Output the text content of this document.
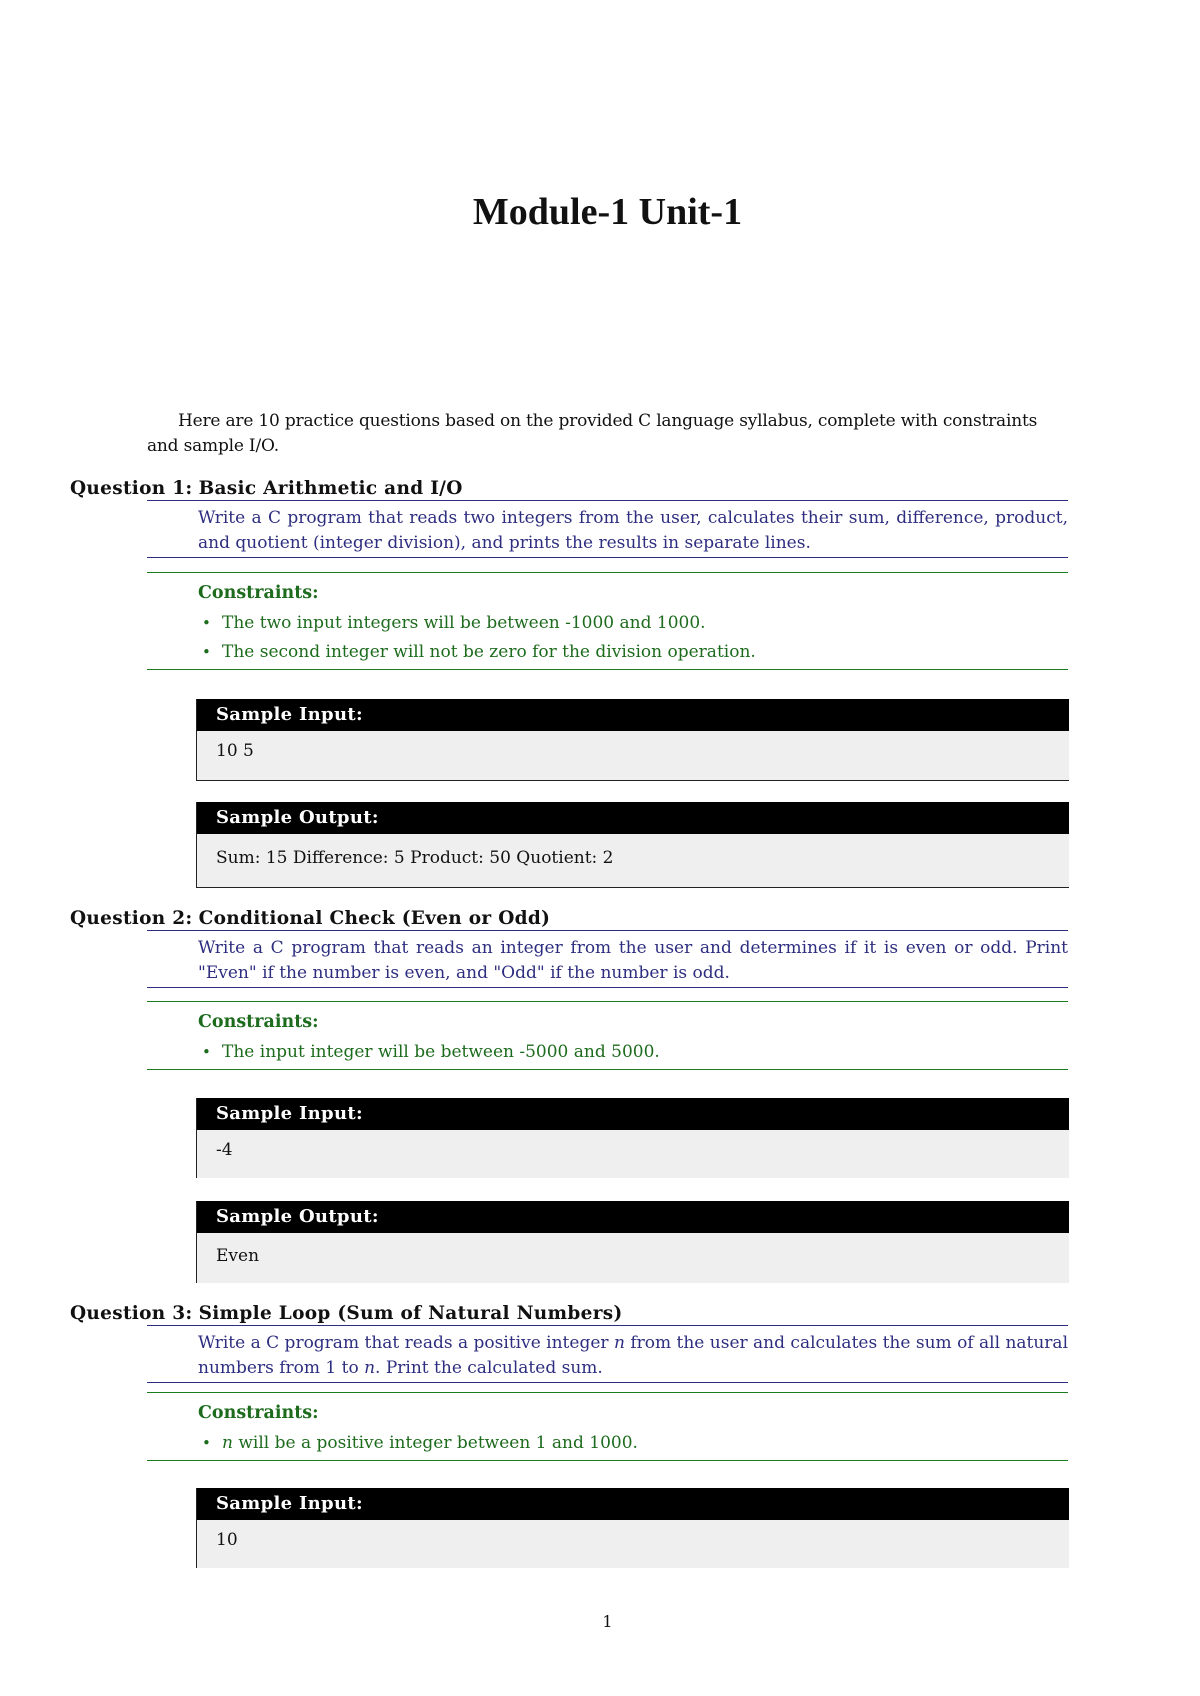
Module-1 Unit-1
Here are 10 practice questions based on the provided C language syllabus, complete with constraints and sample I/O.
Question 1: Basic Arithmetic and I/O
Write a C program that reads two integers from the user, calculates their sum, difference, product, and quotient (integer division), and prints the results in separate lines.
Constraints:
• The two input integers will be between -1000 and 1000.
• The second integer will not be zero for the division operation.
Sample Input:
10 5
Sample Output:
Sum: 15 Difference: 5 Product: 50 Quotient: 2
Question 2: Conditional Check (Even or Odd)
Write a C program that reads an integer from the user and determines if it is even or odd. Print "Even" if the number is even, and "Odd" if the number is odd.
Constraints:
• The input integer will be between -5000 and 5000.
Sample Input:
-4
Sample Output:
Even
Question 3: Simple Loop (Sum of Natural Numbers)
Write a C program that reads a positive integer n from the user and calculates the sum of all natural numbers from 1 to n. Print the calculated sum.
Constraints:
• n will be a positive integer between 1 and 1000.
Sample Input:
10
1
